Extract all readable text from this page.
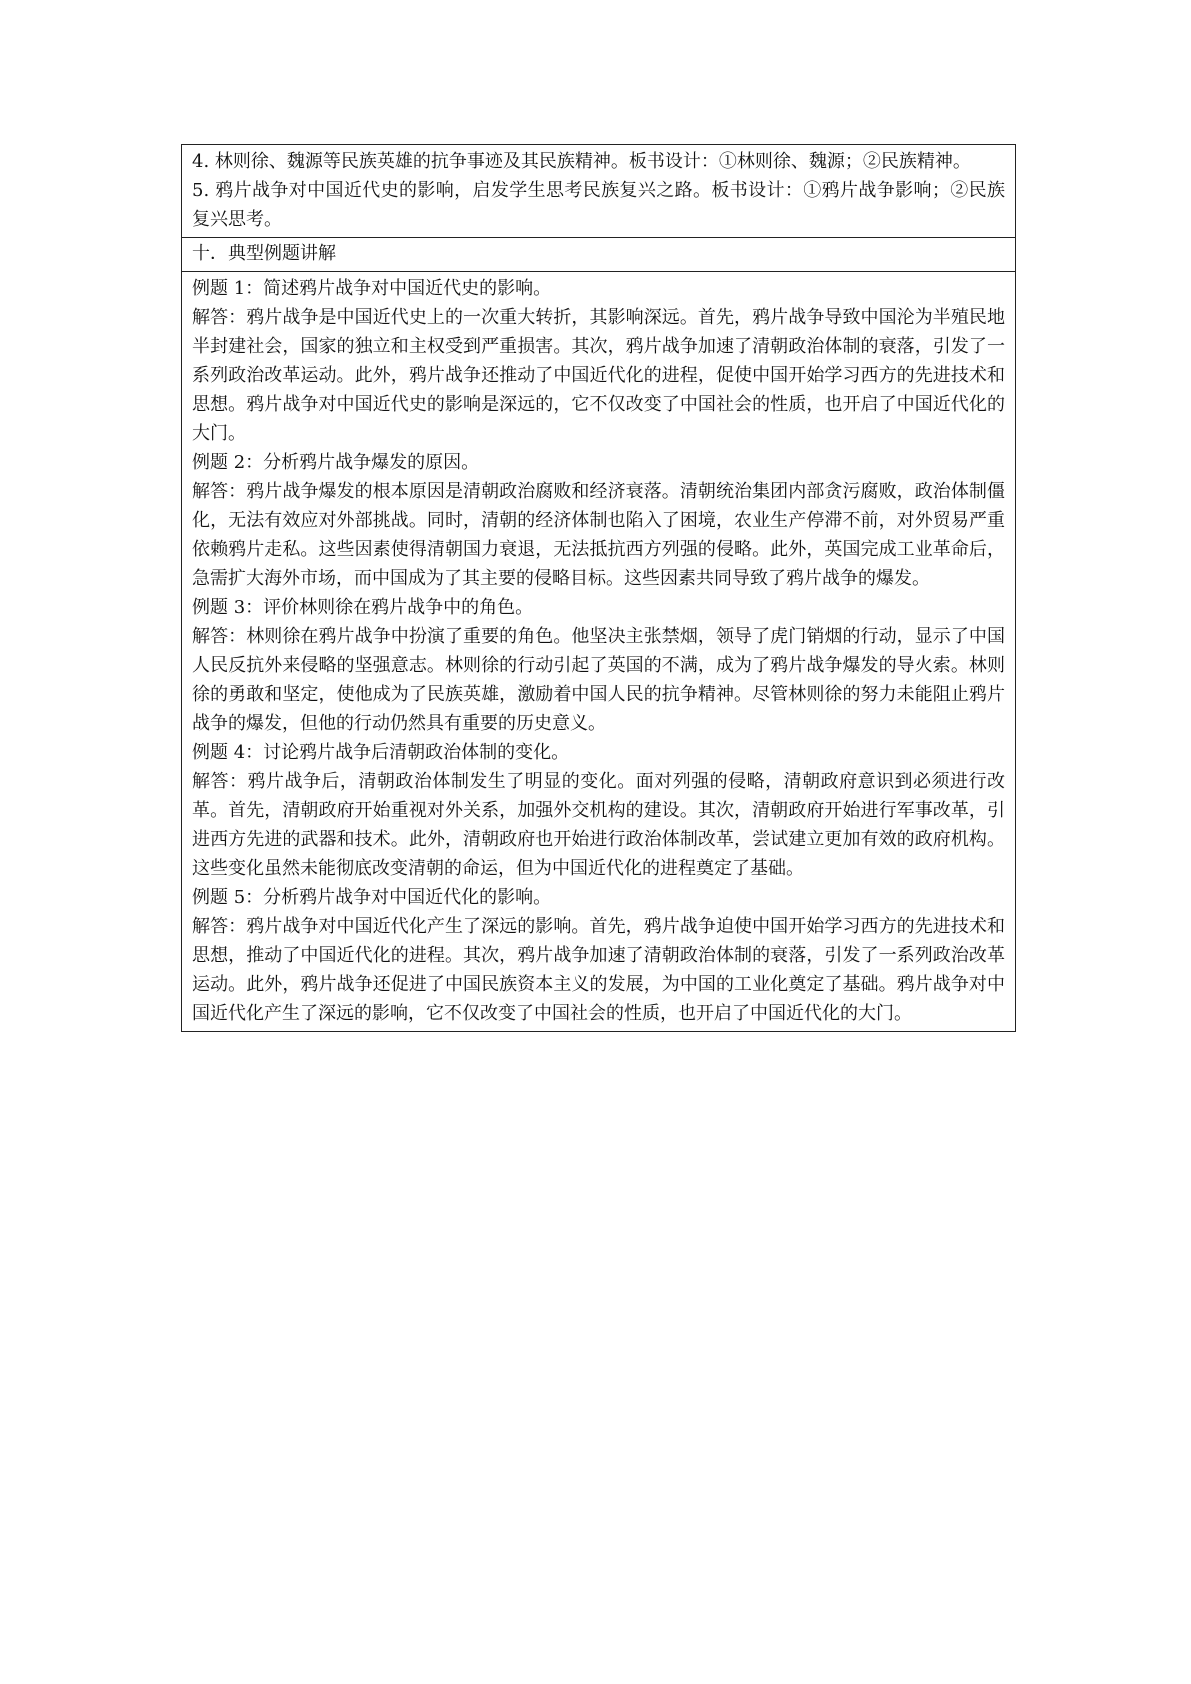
4. 林则徐、魏源等民族英雄的抗争事迹及其民族精神。板书设计：①林则徐、魏源；②民族精神。

5. 鸦片战争对中国近代史的影响，启发学生思考民族复兴之路。板书设计：①鸦片战争影响；②民族复兴思考。

十．典型例题讲解

例题 1：简述鸦片战争对中国近代史的影响。

解答：鸦片战争是中国近代史上的一次重大转折，其影响深远。首先，鸦片战争导致中国沦为半殖民地半封建社会，国家的独立和主权受到严重损害。其次，鸦片战争加速了清朝政治体制的衰落，引发了一系列政治改革运动。此外，鸦片战争还推动了中国近代化的进程，促使中国开始学习西方的先进技术和思想。鸦片战争对中国近代史的影响是深远的，它不仅改变了中国社会的性质，也开启了中国近代化的大门。

例题 2：分析鸦片战争爆发的原因。

解答：鸦片战争爆发的根本原因是清朝政治腐败和经济衰落。清朝统治集团内部贪污腐败，政治体制僵化，无法有效应对外部挑战。同时，清朝的经济体制也陷入了困境，农业生产停滞不前，对外贸易严重依赖鸦片走私。这些因素使得清朝国力衰退，无法抵抗西方列强的侵略。此外，英国完成工业革命后，急需扩大海外市场，而中国成为了其主要的侵略目标。这些因素共同导致了鸦片战争的爆发。

例题 3：评价林则徐在鸦片战争中的角色。

解答：林则徐在鸦片战争中扮演了重要的角色。他坚决主张禁烟，领导了虎门销烟的行动，显示了中国人民反抗外来侵略的坚强意志。林则徐的行动引起了英国的不满，成为了鸦片战争爆发的导火索。林则徐的勇敢和坚定，使他成为了民族英雄，激励着中国人民的抗争精神。尽管林则徐的努力未能阻止鸦片战争的爆发，但他的行动仍然具有重要的历史意义。

例题 4：讨论鸦片战争后清朝政治体制的变化。

解答：鸦片战争后，清朝政治体制发生了明显的变化。面对列强的侵略，清朝政府意识到必须进行改革。首先，清朝政府开始重视对外关系，加强外交机构的建设。其次，清朝政府开始进行军事改革，引进西方先进的武器和技术。此外，清朝政府也开始进行政治体制改革，尝试建立更加有效的政府机构。这些变化虽然未能彻底改变清朝的命运，但为中国近代化的进程奠定了基础。

例题 5：分析鸦片战争对中国近代化的影响。

解答：鸦片战争对中国近代化产生了深远的影响。首先，鸦片战争迫使中国开始学习西方的先进技术和思想，推动了中国近代化的进程。其次，鸦片战争加速了清朝政治体制的衰落，引发了一系列政治改革运动。此外，鸦片战争还促进了中国民族资本主义的发展，为中国的工业化奠定了基础。鸦片战争对中国近代化产生了深远的影响，它不仅改变了中国社会的性质，也开启了中国近代化的大门。
